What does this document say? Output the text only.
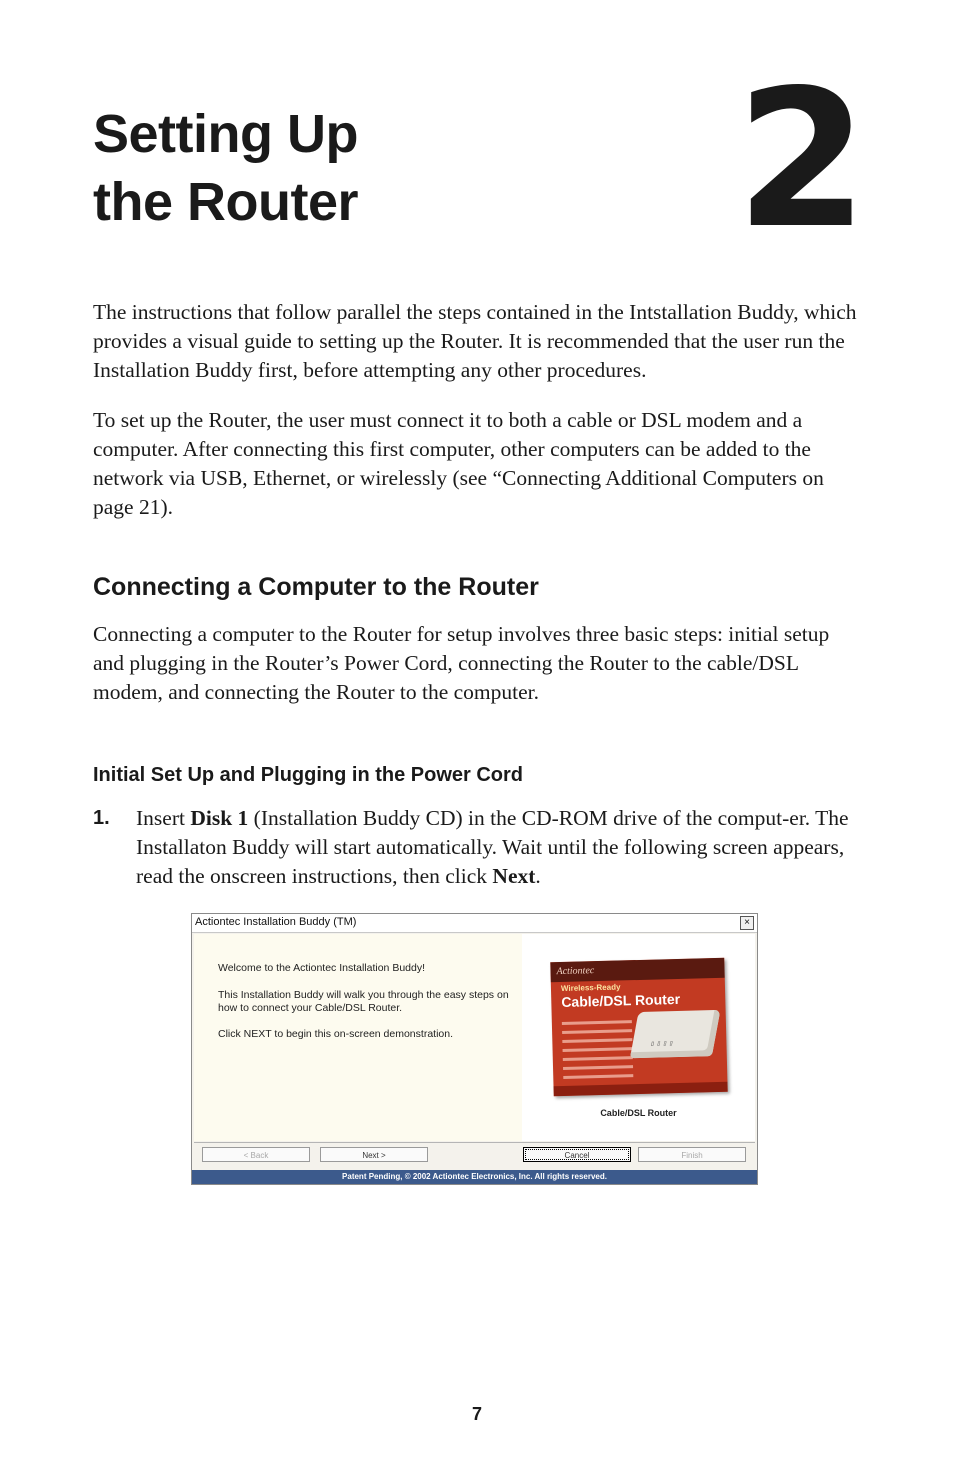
Setting Up
the Router	2

The instructions that follow parallel the steps contained in the Intstallation Buddy, which provides a visual guide to setting up the Router. It is recommended that the user run the Installation Buddy first, before attempting any other procedures.

To set up the Router, the user must connect it to both a cable or DSL modem and a computer. After connecting this first computer, other computers can be added to the network via USB, Ethernet, or wirelessly (see “Connecting Additional Computers on page 21).

Connecting a Computer to the Router

Connecting a computer to the Router for setup involves three basic steps: initial setup and plugging in the Router’s Power Cord, connecting the Router to the cable/DSL modem, and connecting the Router to the computer.

Initial Set Up and Plugging in the Power Cord
1. Insert Disk 1 (Installation Buddy CD) in the CD-ROM drive of the comput-er. The Installaton Buddy will start automatically. Wait until the following screen appears, read the onscreen instructions, then click Next.

Actiontec Installation Buddy (TM)	×
Welcome to the Actiontec Installation Buddy!
This Installation Buddy will walk you through the easy steps on how to connect your Cable/DSL Router.
Click NEXT to begin this on-screen demonstration.
Actiontec
Wireless-Ready
Cable/DSL Router
▯▯▯▯
Cable/DSL Router
< Back	Next >	Cancel	Finish
Patent Pending, © 2002 Actiontec Electronics, Inc. All rights reserved.
7
